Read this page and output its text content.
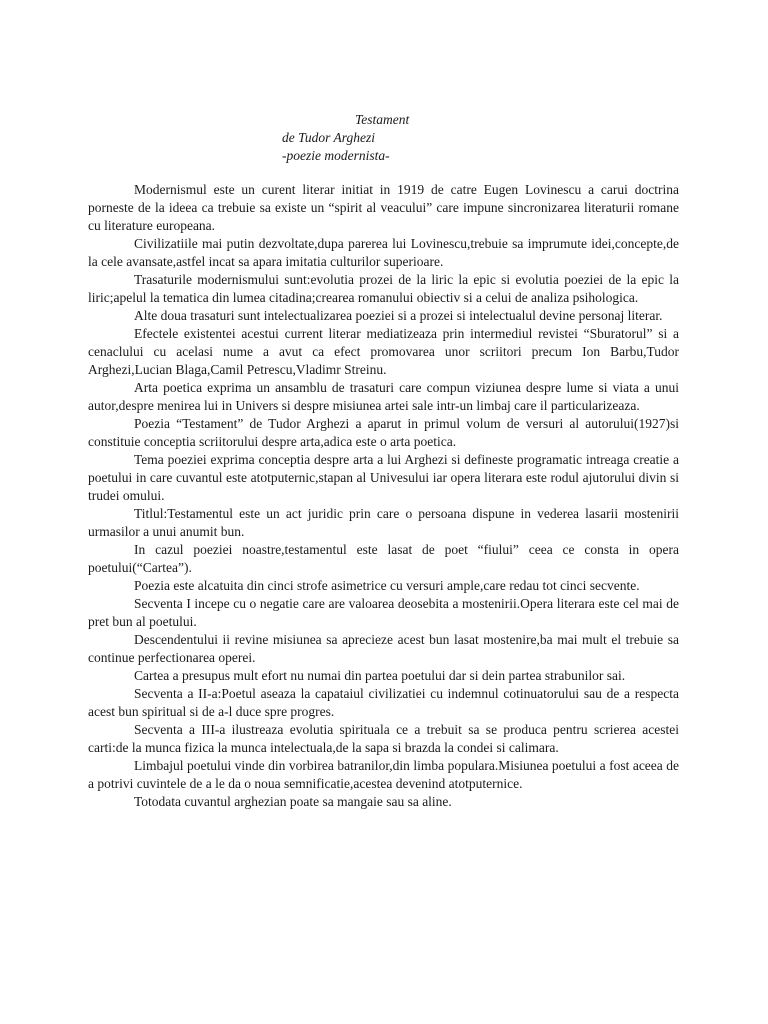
Testament
de Tudor Arghezi
-poezie modernista-

Modernismul este un curent literar initiat in 1919 de catre Eugen Lovinescu a carui doctrina porneste de la ideea ca trebuie sa existe un “spirit al veacului” care impune sincronizarea literaturii romane cu literature europeana.

Civilizatiile mai putin dezvoltate,dupa parerea lui Lovinescu,trebuie sa imprumute idei,concepte,de la cele avansate,astfel incat sa apara imitatia culturilor superioare.

Trasaturile modernismului sunt:evolutia prozei de la liric la epic si evolutia poeziei de la epic la liric;apelul la tematica din lumea citadina;crearea romanului obiectiv si a celui de analiza psihologica.

Alte doua trasaturi sunt intelectualizarea poeziei si a prozei si intelectualul devine personaj literar.

Efectele existentei acestui current literar mediatizeaza prin intermediul revistei “Sburatorul” si a cenaclului cu acelasi nume a avut ca efect promovarea unor scriitori precum Ion Barbu,Tudor Arghezi,Lucian Blaga,Camil Petrescu,Vladimr Streinu.

Arta poetica exprima un ansamblu de trasaturi care compun viziunea despre lume si viata a unui autor,despre menirea lui in Univers si despre misiunea artei sale intr-un limbaj care il particularizeaza.

Poezia “Testament” de Tudor Arghezi a aparut in primul volum de versuri al autorului(1927)si constituie conceptia scriitorului despre arta,adica este o arta poetica.

Tema poeziei exprima conceptia despre arta a lui Arghezi si defineste programatic intreaga creatie a poetului in care cuvantul este atotputernic,stapan al Univesului iar opera literara este rodul ajutorului divin si trudei omului.

Titlul:Testamentul este un act juridic prin care o persoana dispune in vederea lasarii mostenirii urmasilor a unui anumit bun.

In cazul poeziei noastre,testamentul este lasat de poet “fiului” ceea ce consta in opera poetului(“Cartea”).

Poezia este alcatuita din cinci strofe asimetrice cu versuri ample,care redau tot cinci secvente.

Secventa I incepe cu o negatie care are valoarea deosebita a mostenirii.Opera literara este cel mai de pret bun al poetului.

Descendentului ii revine misiunea sa aprecieze acest bun lasat mostenire,ba mai mult el trebuie sa continue perfectionarea operei.

Cartea a presupus mult efort nu numai din partea poetului dar si dein partea strabunilor sai.

Secventa a II-a:Poetul aseaza la capataiul civilizatiei cu indemnul cotinuatorului sau de a respecta acest bun spiritual si de a-l duce spre progres.

Secventa a III-a ilustreaza evolutia spirituala ce a trebuit sa se produca pentru scrierea acestei carti:de la munca fizica la munca intelectuala,de la sapa si brazda la condei si calimara.

Limbajul poetului vinde din vorbirea batranilor,din limba populara.Misiunea poetului a fost aceea de a potrivi cuvintele de a le da o noua semnificatie,acestea devenind atotputernice.

Totodata cuvantul arghezian poate sa mangaie sau sa aline.
